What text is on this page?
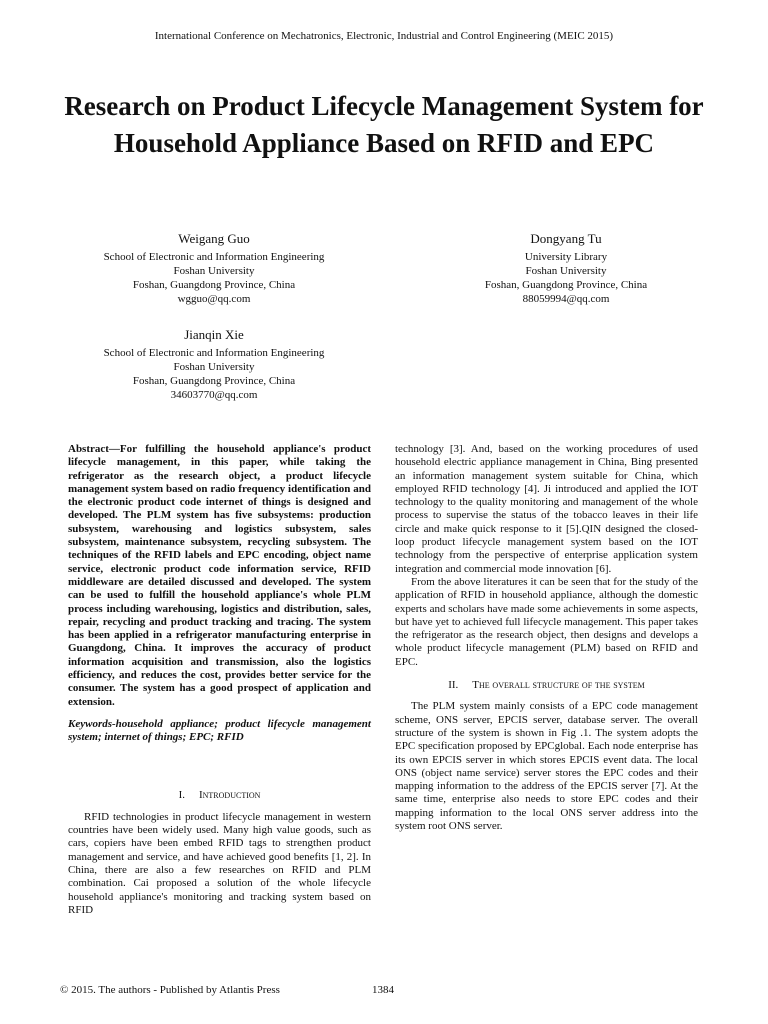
International Conference on Mechatronics, Electronic, Industrial and Control Engineering (MEIC 2015)
Research on Product Lifecycle Management System for Household Appliance Based on RFID and EPC
Weigang Guo
School of Electronic and Information Engineering
Foshan University
Foshan, Guangdong Province, China
wgguo@qq.com
Dongyang Tu
University Library
Foshan University
Foshan, Guangdong Province, China
88059994@qq.com
Jianqin Xie
School of Electronic and Information Engineering
Foshan University
Foshan, Guangdong Province, China
34603770@qq.com

Abstract—For fulfilling the household appliance's product lifecycle management, in this paper, while taking the refrigerator as the research object, a product lifecycle management system based on radio frequency identification and the electronic product code internet of things is designed and developed. The PLM system has five subsystems: production subsystem, warehousing and logistics subsystem, sales subsystem, maintenance subsystem, recycling subsystem. The techniques of the RFID labels and EPC encoding, object name service, electronic product code information service, RFID middleware are detailed discussed and developed. The system can be used to fulfill the household appliance's whole PLM process including warehousing, logistics and distribution, sales, repair, recycling and product tracking and tracing. The system has been applied in a refrigerator manufacturing enterprise in Guangdong, China. It improves the accuracy of product information acquisition and transmission, also the logistics efficiency, and reduces the cost, provides better service for the consumer. The system has a good prospect of application and extension.

Keywords-household appliance; product lifecycle management system; internet of things; EPC; RFID

I. Introduction

RFID technologies in product lifecycle management in western countries have been widely used. Many high value goods, such as cars, copiers have been embed RFID tags to strengthen product management and service, and have achieved good benefits [1, 2]. In China, there are also a few researches on RFID and PLM combination. Cai proposed a solution of the whole lifecycle household appliance's monitoring and tracking system based on RFID

technology [3]. And, based on the working procedures of used household electric appliance management in China, Bing presented an information management system suitable for China, which employed RFID technology [4]. Ji introduced and applied the IOT technology to the quality monitoring and management of the whole process to supervise the status of the tobacco leaves in their life circle and make quick response to it [5].QIN designed the closed-loop product lifecycle management system based on the IOT technology from the perspective of enterprise application system integration and commercial mode innovation [6].

From the above literatures it can be seen that for the study of the application of RFID in household appliance, although the domestic experts and scholars have made some achievements in some aspects, but have yet to achieved full lifecycle management. This paper takes the refrigerator as the research object, then designs and develops a whole product lifecycle management (PLM) based on RFID and EPC.

II. The overall structure of the system

The PLM system mainly consists of a EPC code management scheme, ONS server, EPCIS server, database server. The overall structure of the system is shown in Fig .1. The system adopts the EPC specification proposed by EPCglobal. Each node enterprise has its own EPCIS server in which stores EPCIS event data. The local ONS (object name service) server stores the EPC codes and their mapping information to the address of the EPCIS server [7]. At the same time, enterprise also needs to store EPC codes and their mapping information to the local ONS server address into the system root ONS server.

© 2015. The authors - Published by Atlantis Press	1384
